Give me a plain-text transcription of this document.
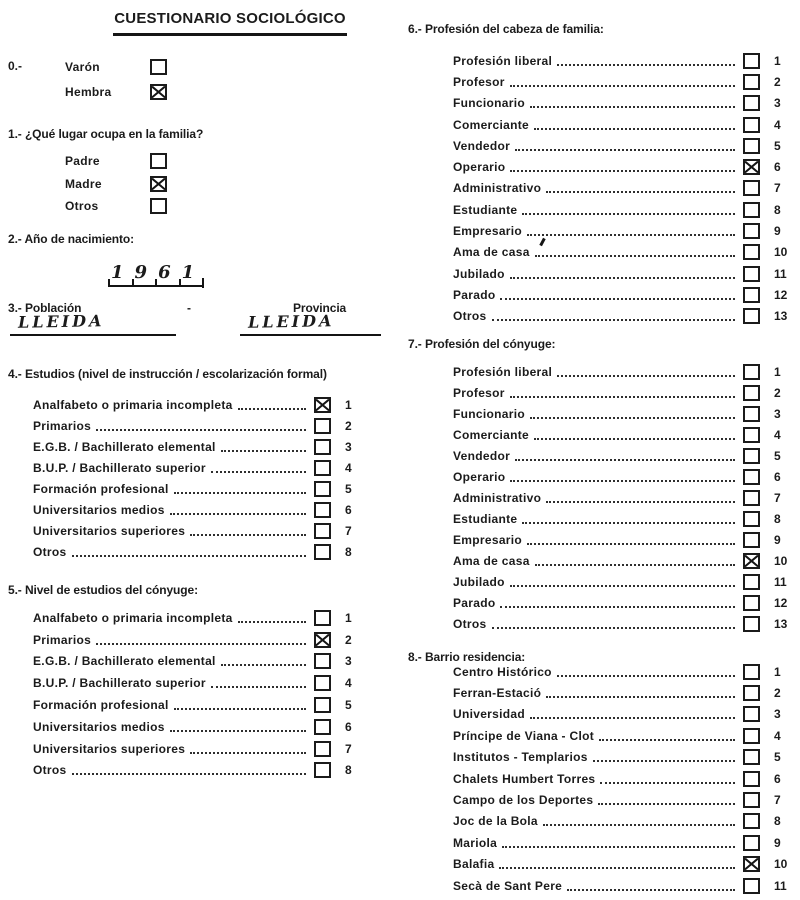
CUESTIONARIO SOCIOLÓGICO
0.-	Varón
Hembra
1.- ¿Qué lugar ocupa en la familia?
Padre
Madre
Otros
2.- Año de nacimiento:
1 9 6 1
3.- Población	-	Provincia
LLEIDA	LLEIDA
4.- Estudios (nivel de instrucción / escolarización formal)
Analfabeto o primaria incompleta	1
Primarios	2
E.G.B. / Bachillerato elemental	3
B.U.P. / Bachillerato superior	4
Formación profesional	5
Universitarios medios	6
Universitarios superiores	7
Otros	8
5.- Nivel de estudios del cónyuge:
Analfabeto o primaria incompleta	1
Primarios	2
E.G.B. / Bachillerato elemental	3
B.U.P. / Bachillerato superior	4
Formación profesional	5
Universitarios medios	6
Universitarios superiores	7
Otros	8
6.- Profesión del cabeza de familia:
Profesión liberal	1
Profesor	2
Funcionario	3
Comerciante	4
Vendedor	5
Operario	6
Administrativo	7
Estudiante	8
Empresario	9
Ama de casa	10
Jubilado	11
Parado	12
Otros	13
7.- Profesión del cónyuge:
Profesión liberal	1
Profesor	2
Funcionario	3
Comerciante	4
Vendedor	5
Operario	6
Administrativo	7
Estudiante	8
Empresario	9
Ama de casa	10
Jubilado	11
Parado	12
Otros	13
8.- Barrio residencia:
Centro Histórico	1
Ferran-Estació	2
Universidad	3
Príncipe de Viana - Clot	4
Institutos - Templarios	5
Chalets Humbert Torres	6
Campo de los Deportes	7
Joc de la Bola	8
Mariola	9
Balafia	10
Secà de Sant Pere	11
